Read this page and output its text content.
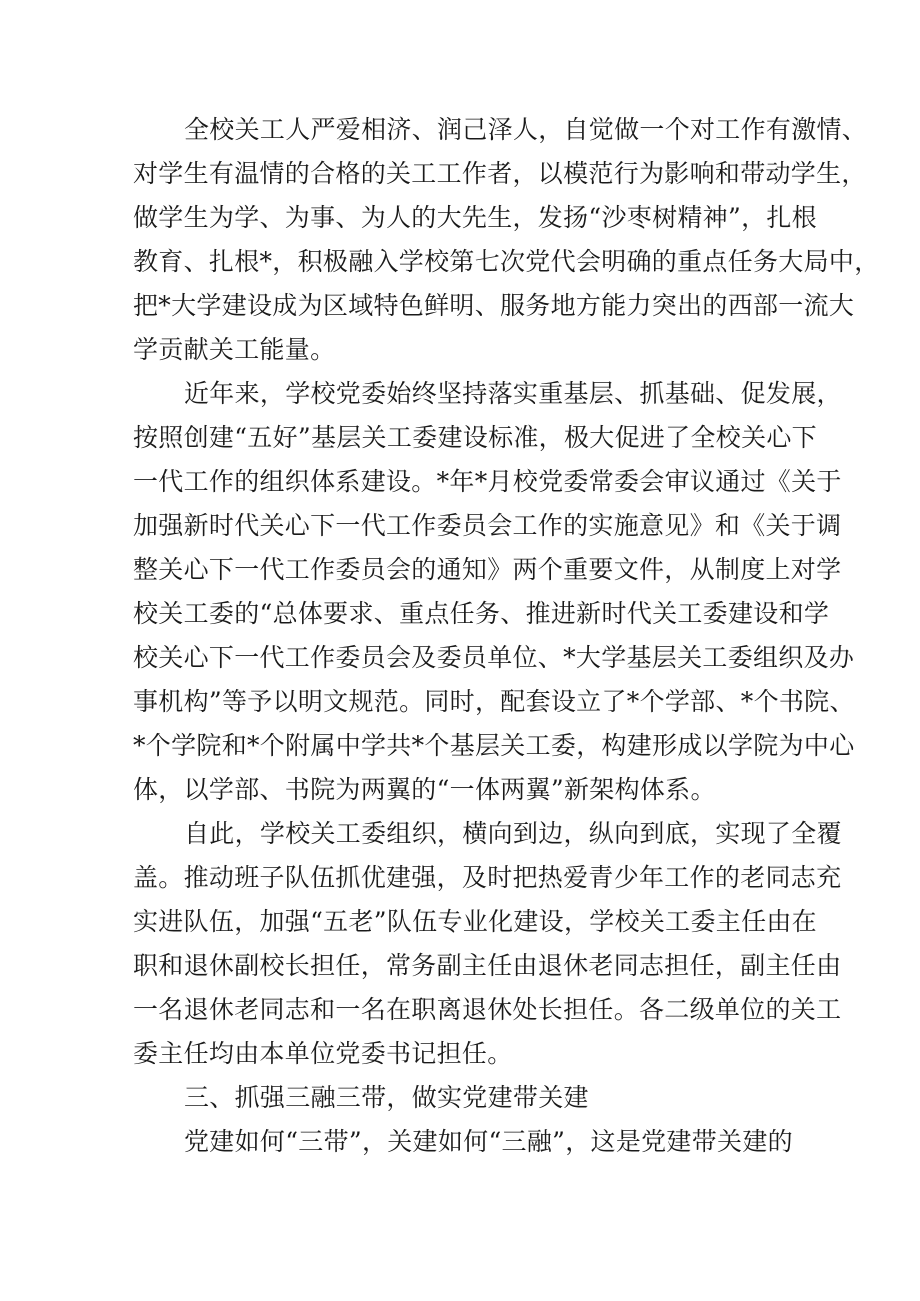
全校关工人严爱相济、润己泽人，自觉做一个对工作有激情、

对学生有温情的合格的关工工作者，以模范行为影响和带动学生，

做学生为学、为事、为人的大先生，发扬“沙枣树精神”，扎根

教育、扎根*，积极融入学校第七次党代会明确的重点任务大局中，

把*大学建设成为区域特色鲜明、服务地方能力突出的西部一流大

学贡献关工能量。

近年来，学校党委始终坚持落实重基层、抓基础、促发展，

按照创建“五好”基层关工委建设标准，极大促进了全校关心下

一代工作的组织体系建设。*年*月校党委常委会审议通过《关于

加强新时代关心下一代工作委员会工作的实施意见》和《关于调

整关心下一代工作委员会的通知》两个重要文件，从制度上对学

校关工委的“总体要求、重点任务、推进新时代关工委建设和学

校关心下一代工作委员会及委员单位、*大学基层关工委组织及办

事机构”等予以明文规范。同时，配套设立了*个学部、*个书院、

*个学院和*个附属中学共*个基层关工委，构建形成以学院为中心

体，以学部、书院为两翼的“一体两翼”新架构体系。

自此，学校关工委组织，横向到边，纵向到底，实现了全覆

盖。推动班子队伍抓优建强，及时把热爱青少年工作的老同志充

实进队伍，加强“五老”队伍专业化建设，学校关工委主任由在

职和退休副校长担任，常务副主任由退休老同志担任，副主任由

一名退休老同志和一名在职离退休处长担任。各二级单位的关工

委主任均由本单位党委书记担任。

三、抓强三融三带，做实党建带关建

党建如何“三带”，关建如何“三融”，这是党建带关建的
